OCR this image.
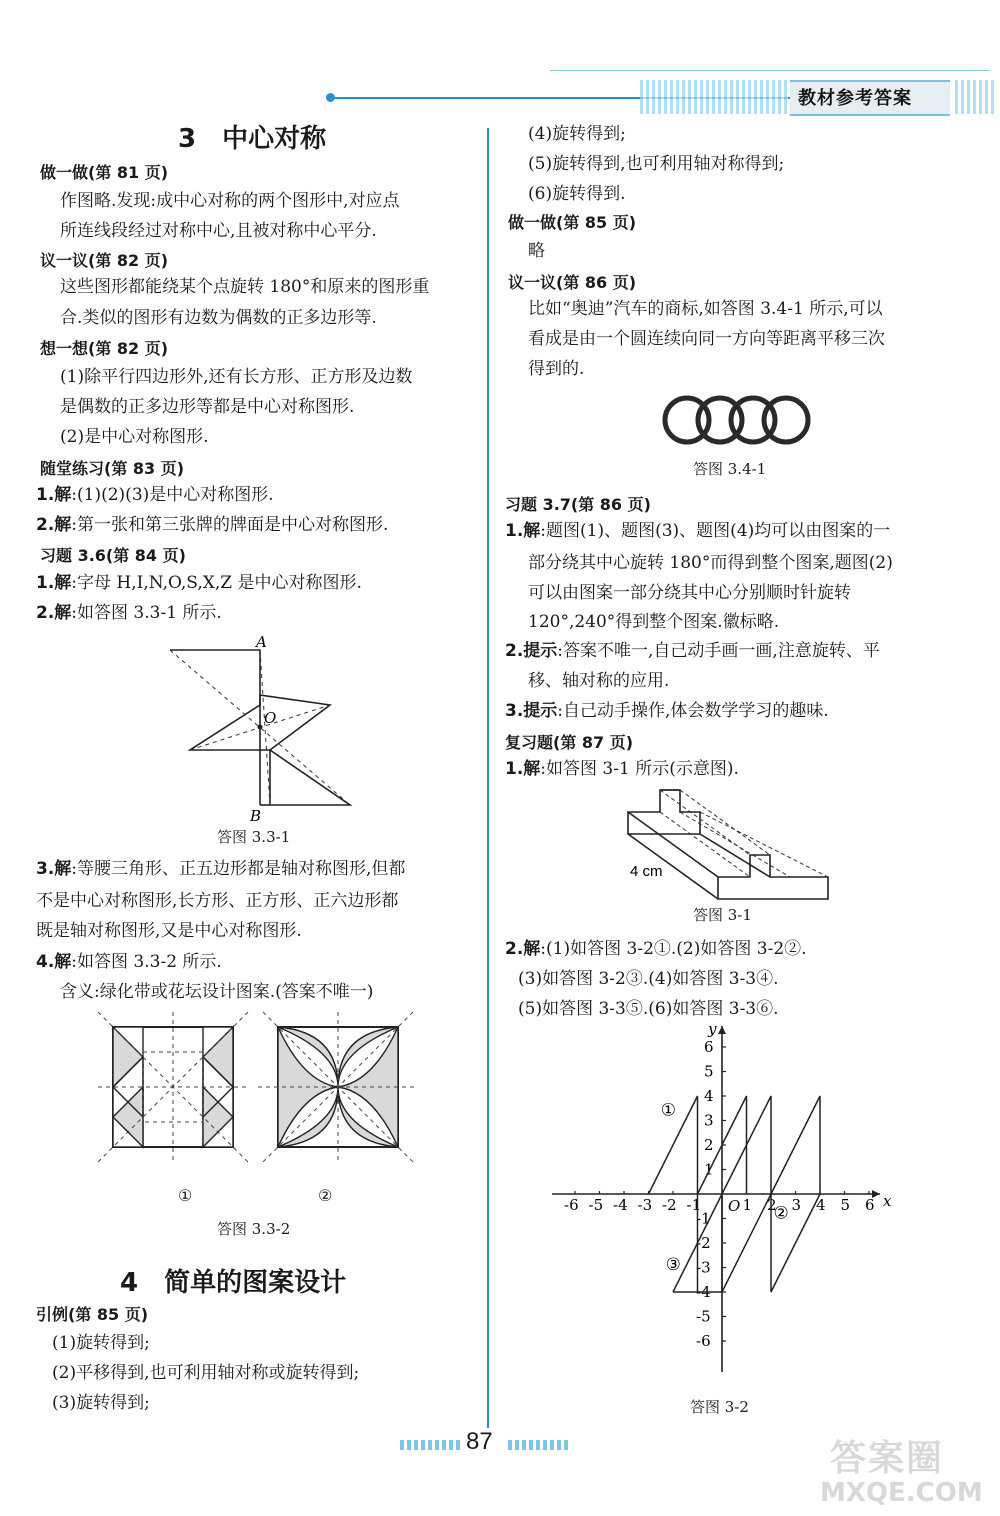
教材参考答案
3　中心对称
做一做(第 81 页)
作图略.发现:成中心对称的两个图形中,对应点
所连线段经过对称中心,且被对称中心平分.
议一议(第 82 页)
这些图形都能绕某个点旋转 180°和原来的图形重
合.类似的图形有边数为偶数的正多边形等.
想一想(第 82 页)
(1)除平行四边形外,还有长方形、正方形及边数
是偶数的正多边形等都是中心对称图形.
(2)是中心对称图形.
随堂练习(第 83 页)
1.解:(1)(2)(3)是中心对称图形.
2.解:第一张和第三张牌的牌面是中心对称图形.
习题 3.6(第 84 页)
1.解:字母 H,I,N,O,S,X,Z 是中心对称图形.
2.解:如答图 3.3-1 所示.
A
O
B
答图 3.3-1
3.解:等腰三角形、正五边形都是轴对称图形,但都
不是中心对称图形,长方形、正方形、正六边形都
既是轴对称图形,又是中心对称图形.
4.解:如答图 3.3-2 所示.
含义:绿化带或花坛设计图案.(答案不唯一)
①	②
答图 3.3-2
4　简单的图案设计
引例(第 85 页)
(1)旋转得到;
(2)平移得到,也可利用轴对称或旋转得到;
(3)旋转得到;
(4)旋转得到;
(5)旋转得到,也可利用轴对称得到;
(6)旋转得到.
做一做(第 85 页)
略
议一议(第 86 页)
比如“奥迪”汽车的商标,如答图 3.4-1 所示,可以
看成是由一个圆连续向同一方向等距离平移三次
得到的.
答图 3.4-1
习题 3.7(第 86 页)
1.解:题图(1)、题图(3)、题图(4)均可以由图案的一
部分绕其中心旋转 180°而得到整个图案,题图(2)
可以由图案一部分绕其中心分别顺时针旋转
120°,240°得到整个图案.徽标略.
2.提示:答案不唯一,自己动手画一画,注意旋转、平
移、轴对称的应用.
3.提示:自己动手操作,体会数学学习的趣味.
复习题(第 87 页)
1.解:如答图 3-1 所示(示意图).
4 cm
答图 3-1
2.解:(1)如答图 3-2①.(2)如答图 3-2②.
(3)如答图 3-2③.(4)如答图 3-3④.
(5)如答图 3-3⑤.(6)如答图 3-3⑥.
-6 -5 -4 -3 -2 -1	1 2 3 4 5 6
6
5
4
3
2
1
-1
-2
-3
-4
-5
-6
O	x
y
①
②
③
答图 3-2
87	答案圈
MXQE.COM
